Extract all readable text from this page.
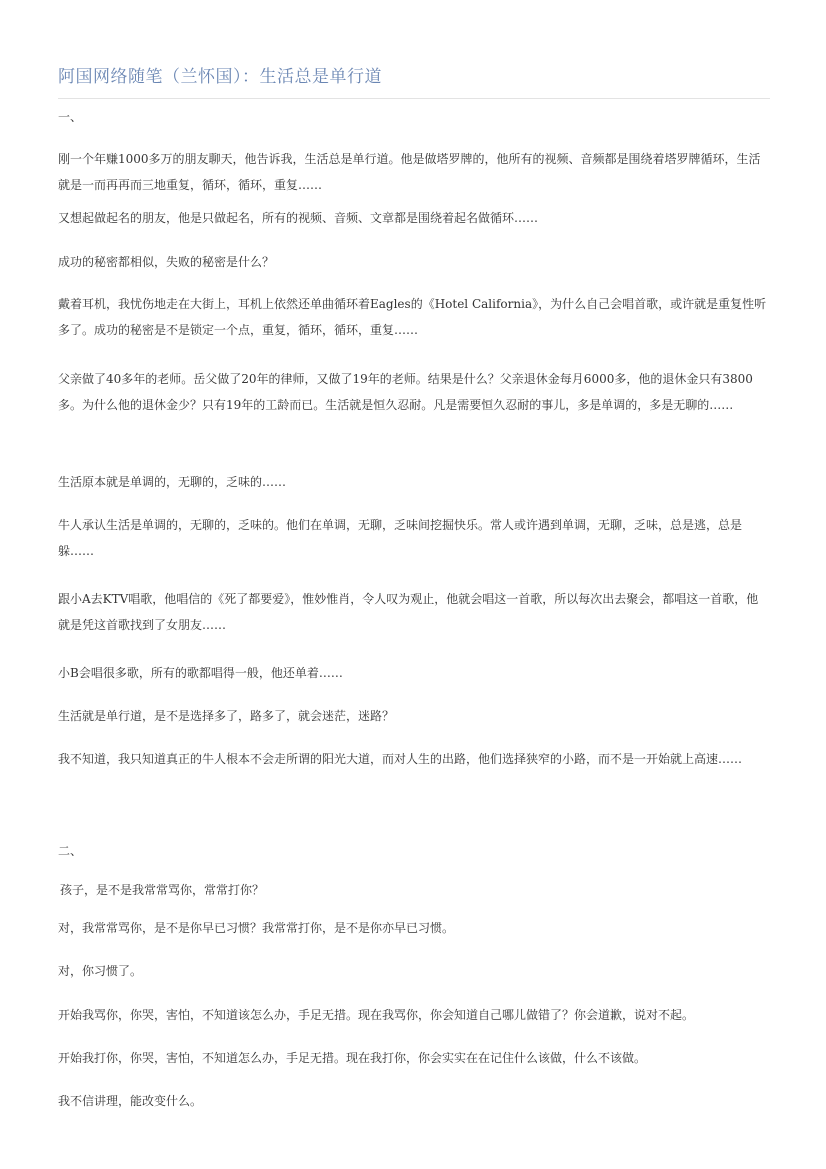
阿国网络随笔（兰怀国）：生活总是单行道

一、

刚一个年赚1000多万的朋友聊天，他告诉我，生活总是单行道。他是做塔罗牌的，他所有的视频、音频都是围绕着塔罗牌循环，生活就是一而再再而三地重复，循环，循环，重复……

又想起做起名的朋友，他是只做起名，所有的视频、音频、文章都是围绕着起名做循环……

成功的秘密都相似，失败的秘密是什么？

戴着耳机，我忧伤地走在大街上，耳机上依然还单曲循环着Eagles的《Hotel California》，为什么自己会唱首歌，或许就是重复性听多了。成功的秘密是不是锁定一个点，重复，循环，循环，重复……

父亲做了40多年的老师。岳父做了20年的律师，又做了19年的老师。结果是什么？父亲退休金每月6000多，他的退休金只有3800多。为什么他的退休金少？只有19年的工龄而已。生活就是恒久忍耐。凡是需要恒久忍耐的事儿，多是单调的，多是无聊的……

生活原本就是单调的，无聊的，乏味的……

牛人承认生活是单调的，无聊的，乏味的。他们在单调，无聊，乏味间挖掘快乐。常人或许遇到单调，无聊，乏味，总是逃，总是躲……

跟小A去KTV唱歌，他唱信的《死了都要爱》，惟妙惟肖，令人叹为观止，他就会唱这一首歌，所以每次出去聚会，都唱这一首歌，他就是凭这首歌找到了女朋友……

小B会唱很多歌，所有的歌都唱得一般，他还单着……

生活就是单行道，是不是选择多了，路多了，就会迷茫，迷路？

我不知道，我只知道真正的牛人根本不会走所谓的阳光大道，而对人生的出路，他们选择狭窄的小路，而不是一开始就上高速……

二、

孩子，是不是我常常骂你，常常打你？

对，我常常骂你，是不是你早已习惯？我常常打你，是不是你亦早已习惯。

对，你习惯了。

开始我骂你，你哭，害怕，不知道该怎么办，手足无措。现在我骂你，你会知道自己哪儿做错了？你会道歉，说对不起。

开始我打你，你哭，害怕，不知道怎么办，手足无措。现在我打你，你会实实在在记住什么该做，什么不该做。

我不信讲理，能改变什么。
